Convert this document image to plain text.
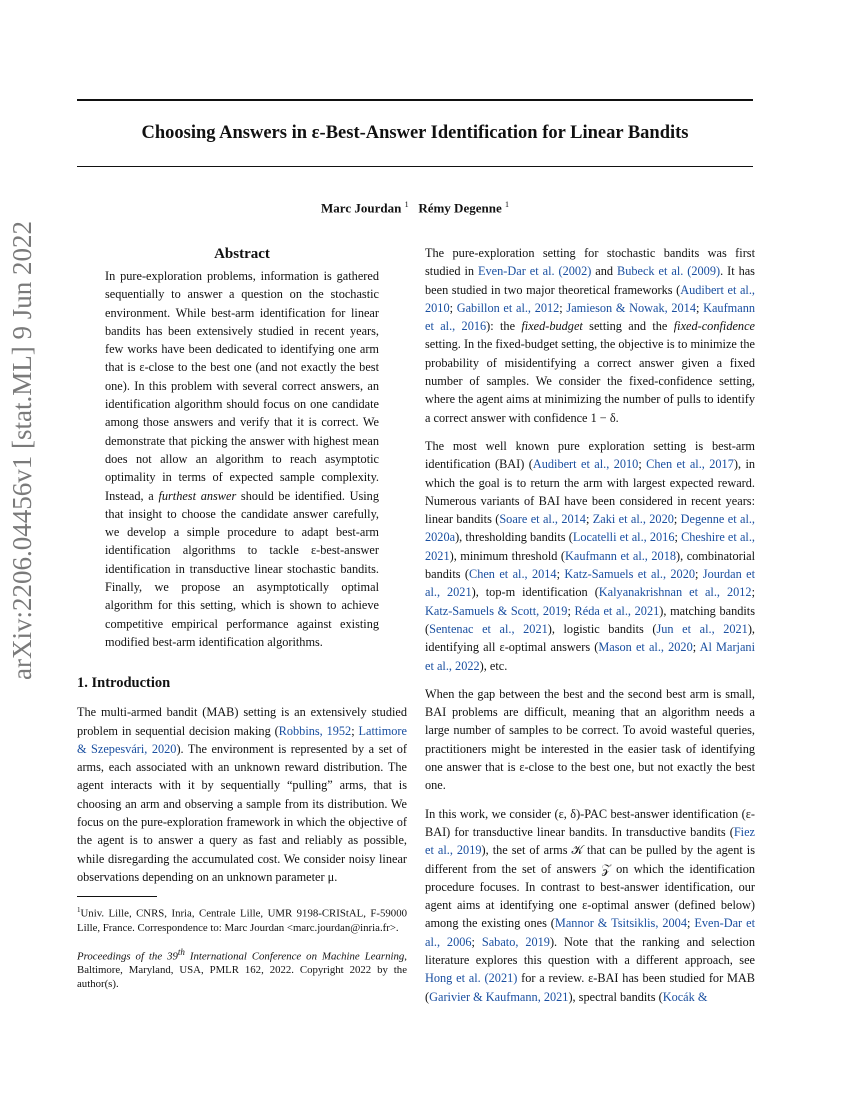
arXiv:2206.04456v1 [stat.ML] 9 Jun 2022
Choosing Answers in ε-Best-Answer Identification for Linear Bandits
Marc Jourdan $^1$ Rémy Degenne $^1$
Abstract

In pure-exploration problems, information is gathered sequentially to answer a question on the stochastic environment. While best-arm identification for linear bandits has been extensively studied in recent years, few works have been dedicated to identifying one arm that is ε-close to the best one (and not exactly the best one). In this problem with several correct answers, an identification algorithm should focus on one candidate among those answers and verify that it is correct. We demonstrate that picking the answer with highest mean does not allow an algorithm to reach asymptotic optimality in terms of expected sample complexity. Instead, a furthest answer should be identified. Using that insight to choose the candidate answer carefully, we develop a simple procedure to adapt best-arm identification algorithms to tackle ε-best-answer identification in transductive linear stochastic bandits. Finally, we propose an asymptotically optimal algorithm for this setting, which is shown to achieve competitive empirical performance against existing modified best-arm identification algorithms.

1. Introduction

The multi-armed bandit (MAB) setting is an extensively studied problem in sequential decision making (Robbins, 1952; Lattimore & Szepesvári, 2020). The environment is represented by a set of arms, each associated with an unknown reward distribution. The agent interacts with it by sequentially “pulling” arms, that is choosing an arm and observing a sample from its distribution. We focus on the pure-exploration framework in which the objective of the agent is to answer a query as fast and reliably as possible, while disregarding the accumulated cost. We consider noisy linear observations depending on an unknown parameter μ.

$^1$Univ. Lille, CNRS, Inria, Centrale Lille, UMR 9198-CRIStAL, F-59000 Lille, France. Correspondence to: Marc Jourdan <marc.jourdan@inria.fr>.

Proceedings of the 39th International Conference on Machine Learning, Baltimore, Maryland, USA, PMLR 162, 2022. Copyright 2022 by the author(s).

The pure-exploration setting for stochastic bandits was first studied in Even-Dar et al. (2002) and Bubeck et al. (2009). It has been studied in two major theoretical frameworks (Audibert et al., 2010; Gabillon et al., 2012; Jamieson & Nowak, 2014; Kaufmann et al., 2016): the fixed-budget setting and the fixed-confidence setting. In the fixed-budget setting, the objective is to minimize the probability of misidentifying a correct answer given a fixed number of samples. We consider the fixed-confidence setting, where the agent aims at minimizing the number of pulls to identify a correct answer with confidence 1 − δ.

The most well known pure exploration setting is best-arm identification (BAI) (Audibert et al., 2010; Chen et al., 2017), in which the goal is to return the arm with largest expected reward. Numerous variants of BAI have been considered in recent years: linear bandits (Soare et al., 2014; Zaki et al., 2020; Degenne et al., 2020a), thresholding bandits (Locatelli et al., 2016; Cheshire et al., 2021), minimum threshold (Kaufmann et al., 2018), combinatorial bandits (Chen et al., 2014; Katz-Samuels et al., 2020; Jourdan et al., 2021), top-m identification (Kalyanakrishnan et al., 2012; Katz-Samuels & Scott, 2019; Réda et al., 2021), matching bandits (Sentenac et al., 2021), logistic bandits (Jun et al., 2021), identifying all ε-optimal answers (Mason et al., 2020; Al Marjani et al., 2022), etc.

When the gap between the best and the second best arm is small, BAI problems are difficult, meaning that an algorithm needs a large number of samples to be correct. To avoid wasteful queries, practitioners might be interested in the easier task of identifying one answer that is ε-close to the best one, but not exactly the best one.

In this work, we consider (ε, δ)-PAC best-answer identification (ε-BAI) for transductive linear bandits. In transductive bandits (Fiez et al., 2019), the set of arms 𝒦 that can be pulled by the agent is different from the set of answers 𝒵 on which the identification procedure focuses. In contrast to best-answer identification, our agent aims at identifying one ε-optimal answer (defined below) among the existing ones (Mannor & Tsitsiklis, 2004; Even-Dar et al., 2006; Sabato, 2019). Note that the ranking and selection literature explores this question with a different approach, see Hong et al. (2021) for a review. ε-BAI has been studied for MAB (Garivier & Kaufmann, 2021), spectral bandits (Kocák &
